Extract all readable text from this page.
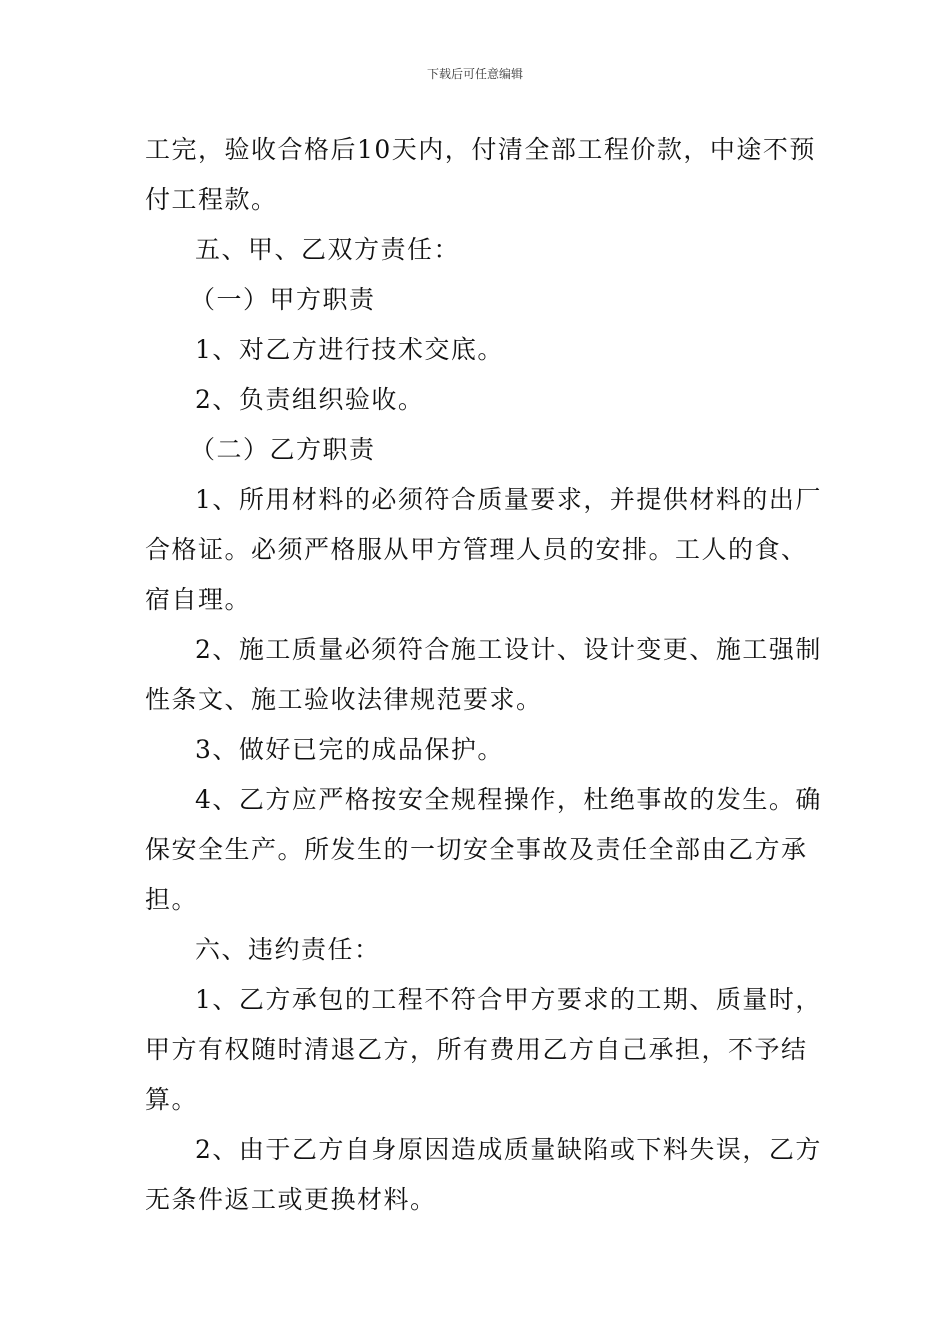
下载后可任意编辑

工完，验收合格后10天内，付清全部工程价款，中途不预

付工程款。

五、甲、乙双方责任：

（一）甲方职责

1、对乙方进行技术交底。

2、负责组织验收。

（二）乙方职责

1、所用材料的必须符合质量要求，并提供材料的出厂

合格证。必须严格服从甲方管理人员的安排。工人的食、

宿自理。

2、施工质量必须符合施工设计、设计变更、施工强制

性条文、施工验收法律规范要求。

3、做好已完的成品保护。

4、乙方应严格按安全规程操作，杜绝事故的发生。确

保安全生产。所发生的一切安全事故及责任全部由乙方承

担。

六、违约责任：

1、乙方承包的工程不符合甲方要求的工期、质量时，

甲方有权随时清退乙方，所有费用乙方自己承担，不予结

算。

2、由于乙方自身原因造成质量缺陷或下料失误，乙方

无条件返工或更换材料。
